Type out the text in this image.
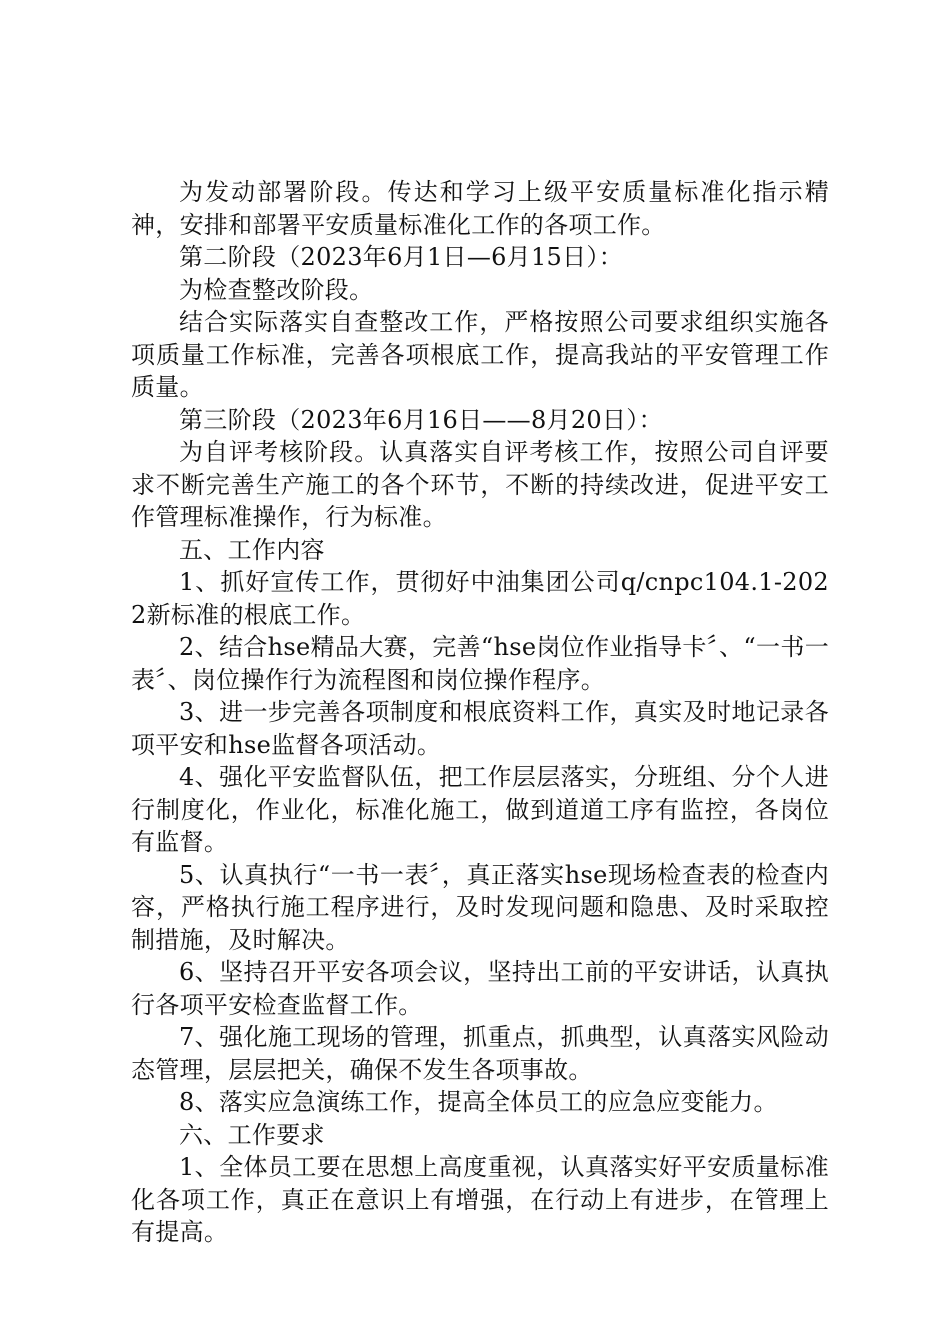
为发动部署阶段。传达和学习上级平安质量标准化指示精神，安排和部署平安质量标准化工作的各项工作。

第二阶段（2023年6月1日—6月15日）：

为检查整改阶段。

结合实际落实自查整改工作，严格按照公司要求组织实施各项质量工作标准，完善各项根底工作，提高我站的平安管理工作质量。

第三阶段（2023年6月16日——8月20日）：

为自评考核阶段。认真落实自评考核工作，按照公司自评要求不断完善生产施工的各个环节，不断的持续改进，促进平安工作管理标准操作，行为标准。

五、工作内容

1、抓好宣传工作，贯彻好中油集团公司q/cnpc104.1-2022新标准的根底工作。

2、结合hse精品大赛，完善“hse岗位作业指导卡〞、“一书一表〞、岗位操作行为流程图和岗位操作程序。

3、进一步完善各项制度和根底资料工作，真实及时地记录各项平安和hse监督各项活动。

4、强化平安监督队伍，把工作层层落实，分班组、分个人进行制度化，作业化，标准化施工，做到道道工序有监控，各岗位有监督。

5、认真执行“一书一表〞，真正落实hse现场检查表的检查内容，严格执行施工程序进行，及时发现问题和隐患、及时采取控制措施，及时解决。

6、坚持召开平安各项会议，坚持出工前的平安讲话，认真执行各项平安检查监督工作。

7、强化施工现场的管理，抓重点，抓典型，认真落实风险动态管理，层层把关，确保不发生各项事故。

8、落实应急演练工作，提高全体员工的应急应变能力。

六、工作要求

1、全体员工要在思想上高度重视，认真落实好平安质量标准化各项工作，真正在意识上有增强，在行动上有进步，在管理上有提高。
